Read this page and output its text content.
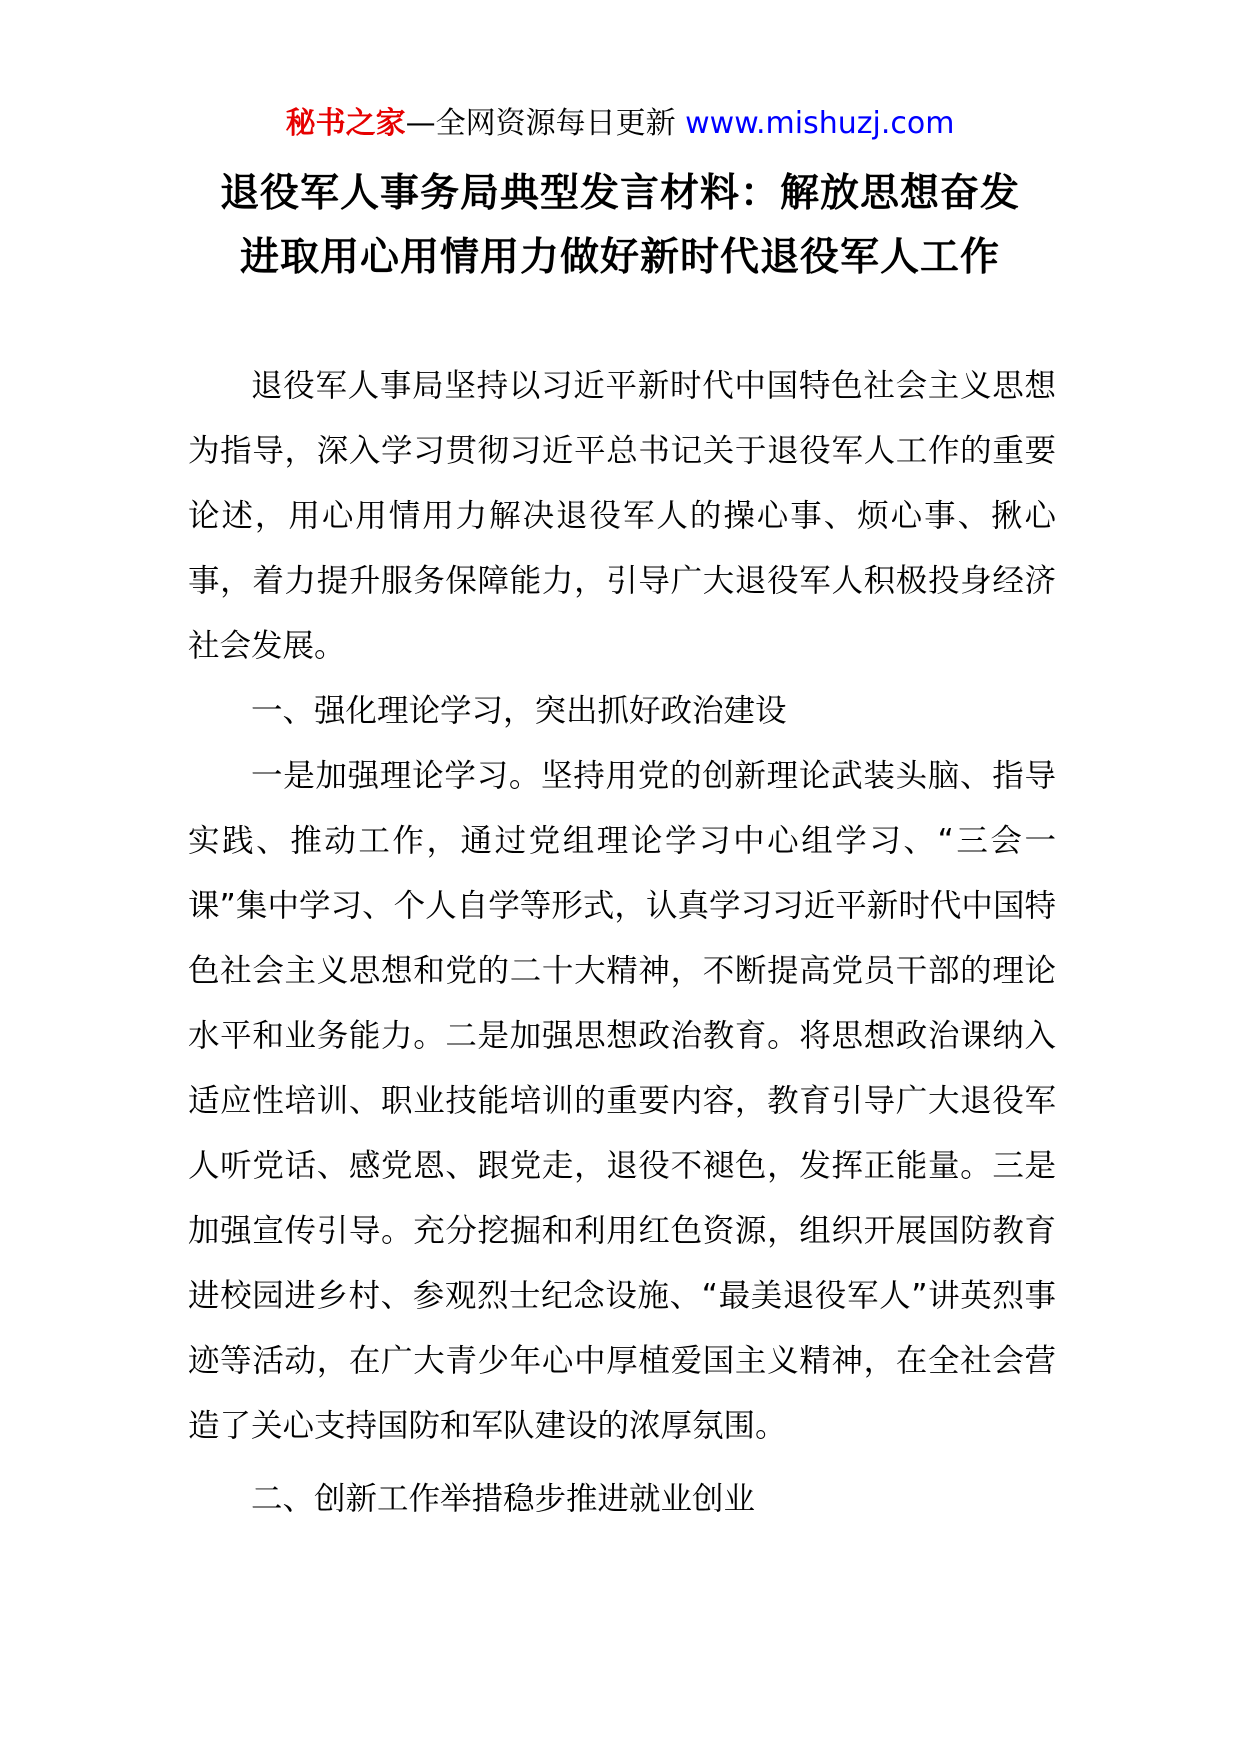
秘书之家—全网资源每日更新 www.mishuzj.com
退役军人事务局典型发言材料：解放思想奋发
进取用心用情用力做好新时代退役军人工作

退役军人事局坚持以习近平新时代中国特色社会主义思想为指导，深入学习贯彻习近平总书记关于退役军人工作的重要论述，用心用情用力解决退役军人的操心事、烦心事、揪心事，着力提升服务保障能力，引导广大退役军人积极投身经济社会发展。

一、强化理论学习，突出抓好政治建设

一是加强理论学习。坚持用党的创新理论武装头脑、指导实践、推动工作，通过党组理论学习中心组学习、“三会一课”集中学习、个人自学等形式，认真学习习近平新时代中国特色社会主义思想和党的二十大精神，不断提高党员干部的理论水平和业务能力。二是加强思想政治教育。将思想政治课纳入适应性培训、职业技能培训的重要内容，教育引导广大退役军人听党话、感党恩、跟党走，退役不褪色，发挥正能量。三是加强宣传引导。充分挖掘和利用红色资源，组织开展国防教育进校园进乡村、参观烈士纪念设施、“最美退役军人”讲英烈事迹等活动，在广大青少年心中厚植爱国主义精神，在全社会营造了关心支持国防和军队建设的浓厚氛围。

二、创新工作举措稳步推进就业创业
